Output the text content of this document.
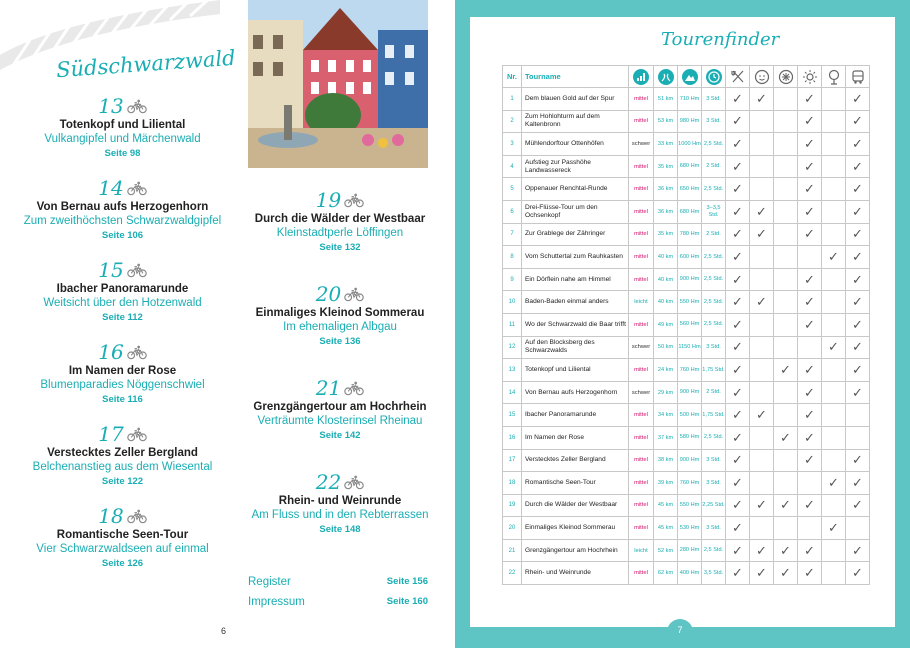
Südschwarzwald
13
Totenkopf und Liliental
Vulkangipfel und Märchenwald
Seite 98
14
Von Bernau aufs Herzogenhorn
Zum zweithöchsten Schwarzwaldgipfel
Seite 106
15
Ibacher Panoramarunde
Weitsicht über den Hotzenwald
Seite 112
16
Im Namen der Rose
Blumenparadies Nöggenschwiel
Seite 116
17
Verstecktes Zeller Bergland
Belchenanstieg aus dem Wiesental
Seite 122
18
Romantische Seen-Tour
Vier Schwarzwaldseen auf einmal
Seite 126
19
Durch die Wälder der Westbaar
Kleinstadtperle Löffingen
Seite 132
20
Einmaliges Kleinod Sommerau
Im ehemaligen Albgau
Seite 136
21
Grenzgängertour am Hochrhein
Verträumte Klosterinsel Rheinau
Seite 142
22
Rhein- und Weinrunde
Am Fluss und in den Rebterrassen
Seite 148
Register	Seite 156
Impressum	Seite 160
6
Tourenfinder
Nr.	Tourname										
1	Dem blauen Gold auf der Spur	mittel	51 km	710 Hm	3 Std.	✓	✓		✓		✓
2	Zum Hohlohturm auf dem Kaltenbronn	mittel	53 km	980 Hm	3 Std.	✓			✓		✓
3	Mühlendorftour Ottenhöfen	schwer	33 km	1000 Hm	2,5 Std.	✓			✓		✓
4	Aufstieg zur Passhöhe Landwassereck	mittel	35 km	680 Hm	2 Std.	✓			✓		✓
5	Oppenauer Renchtal-Runde	mittel	36 km	650 Hm	2,5 Std.	✓			✓		✓
6	Drei-Flüsse-Tour um den Ochsenkopf	mittel	36 km	680 Hm	3–3,5 Std.	✓	✓		✓		✓
7	Zur Grablege der Zähringer	mittel	35 km	780 Hm	2 Std.	✓	✓		✓		✓
8	Vom Schuttertal zum Rauhkasten	mittel	40 km	600 Hm	2,5 Std.	✓				✓	✓
9	Ein Dörflein nahe am Himmel	mittel	40 km	900 Hm	2,5 Std.	✓			✓		✓
10	Baden-Baden einmal anders	leicht	40 km	550 Hm	2,5 Std.	✓	✓		✓		✓
11	Wo der Schwarzwald die Baar trifft	mittel	49 km	560 Hm	2,5 Std.	✓			✓		✓
12	Auf den Blocksberg des Schwarzwalds	schwer	50 km	1150 Hm	3 Std.	✓				✓	✓
13	Totenkopf und Liliental	mittel	24 km	760 Hm	1,75 Std.	✓		✓	✓		✓
14	Von Bernau aufs Herzogenhorn	schwer	29 km	900 Hm	2 Std.	✓			✓		✓
15	Ibacher Panoramarunde	mittel	34 km	500 Hm	1,75 Std.	✓	✓		✓		
16	Im Namen der Rose	mittel	37 km	580 Hm	2,5 Std.	✓		✓	✓		
17	Verstecktes Zeller Bergland	mittel	38 km	900 Hm	3 Std.	✓			✓		✓
18	Romantische Seen-Tour	mittel	39 km	760 Hm	3 Std.	✓				✓	✓
19	Durch die Wälder der Westbaar	mittel	45 km	550 Hm	2,25 Std.	✓	✓	✓	✓		✓
20	Einmaliges Kleinod Sommerau	mittel	45 km	530 Hm	3 Std.	✓				✓	
21	Grenzgängertour am Hochrhein	leicht	52 km	280 Hm	2,5 Std.	✓	✓	✓	✓		✓
22	Rhein- und Weinrunde	mittel	62 km	400 Hm	3,5 Std.	✓	✓	✓	✓		✓
7
